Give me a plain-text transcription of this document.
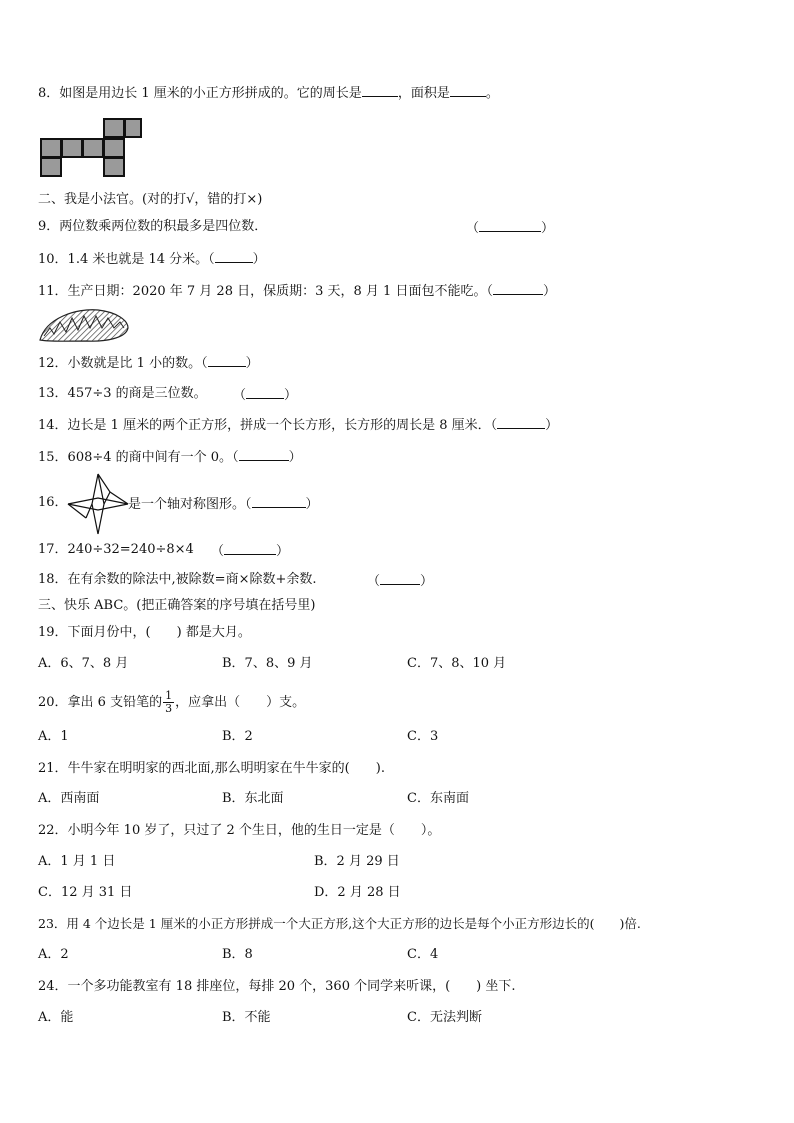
8．如图是用边长 1 厘米的小正方形拼成的。它的周长是	，面积是	。
二、我是小法官。(对的打√，错的打×)
9．两位数乘两位数的积最多是四位数．	（	）
10．1.4 米也就是 14 分米。（	）
11．生产日期：2020 年 7 月 28 日，保质期：3 天，8 月 1 日面包不能吃。（	）
12．小数就是比 1 小的数。（	）
13．457÷3 的商是三位数。 （	）
14．边长是 1 厘米的两个正方形，拼成一个长方形，长方形的周长是 8 厘米．（	）
15．608÷4 的商中间有一个 0。（	）
16．	是一个轴对称图形。（	）
17．240÷32=240÷8×4 （	）
18．在有余数的除法中,被除数=商×除数+余数.	（	）
三、快乐 ABC。(把正确答案的序号填在括号里)
19．下面月份中，(　　) 都是大月。
A．6、7、8 月	B．7、8、9 月	C．7、8、10 月
20．拿出 6 支铅笔的 $\frac{1}{3}$ ，应拿出（　　）支。
A．1	B．2	C．3
21．牛牛家在明明家的西北面,那么明明家在牛牛家的(　　).
A．西南面	B．东北面	C．东南面
22．小明今年 10 岁了，只过了 2 个生日，他的生日一定是（　　）。
A．1 月 1 日	B．2 月 29 日
C．12 月 31 日	D．2 月 28 日
23．用 4 个边长是 1 厘米的小正方形拼成一个大正方形,这个大正方形的边长是每个小正方形边长的(　　)倍.
A．2	B．8	C．4
24．一个多功能教室有 18 排座位，每排 20 个，360 个同学来听课，(　　) 坐下.
A．能	B．不能	C．无法判断
